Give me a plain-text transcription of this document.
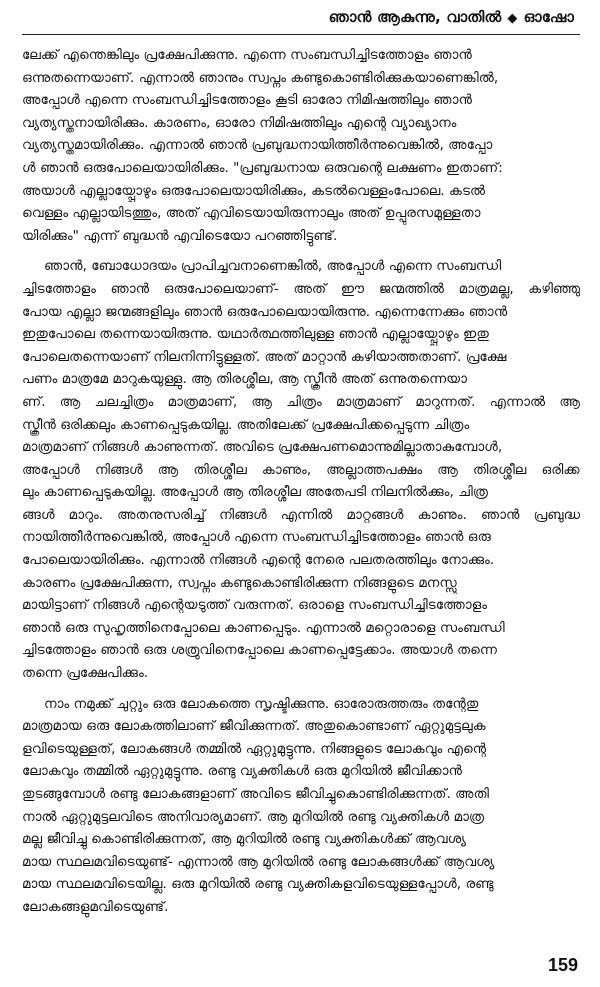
ഞാൻ ആകുന്നു, വാതിൽ ◆ ഓഷോ
ലേക്ക് എന്തെങ്കിലും പ്രക്ഷേപിക്കുന്നു. എന്നെ സംബന്ധിച്ചിടത്തോളം ഞാൻ
ഒന്നുതന്നെയാണ്. എന്നാൽ ഞാനും സ്വപ്നം കണ്ടുകൊണ്ടിരിക്കുകയാണെങ്കിൽ,
അപ്പോൾ എന്നെ സംബന്ധിച്ചിടത്തോളം കൂടി ഓരോ നിമിഷത്തിലും ഞാൻ
വ്യത്യസ്തനായിരിക്കും. കാരണം, ഓരോ നിമിഷത്തിലും എന്റെ വ്യാഖ്യാനം
വ്യത്യസ്തമായിരിക്കും. എന്നാൽ ഞാൻ പ്രബുദ്ധനായിത്തീർന്നുവെങ്കിൽ, അപ്പോ
ൾ ഞാൻ ഒരുപോലെയായിരിക്കും. "പ്രബുദ്ധനായ ഒരുവന്റെ ലക്ഷണം ഇതാണ്:
അയാൾ എല്ലായ്പ്പോഴും ഒരുപോലെയായിരിക്കും, കടൽവെള്ളംപോലെ. കടൽ
വെള്ളം എല്ലായിടത്തും, അത് എവിടെയായിരുന്നാലും അത് ഉപ്പുരസമുള്ളതാ
യിരിക്കും" എന്ന് ബുദ്ധൻ എവിടെയോ പറഞ്ഞിട്ടുണ്ട്.
ഞാൻ, ബോധോദയം പ്രാപിച്ചവനാണെങ്കിൽ, അപ്പോൾ എന്നെ സംബന്ധി
ച്ചിടത്തോളം ഞാൻ ഒരുപോലെയാണ്- അത് ഈ ജന്മത്തിൽ മാത്രമല്ല, കഴിഞ്ഞു
പോയ എല്ലാ ജന്മങ്ങളിലും ഞാൻ ഒരുപോലെയായിരുന്നു. എന്നെന്നേക്കും ഞാൻ
ഇതുപോലെ തന്നെയായിരുന്നു. യഥാർത്ഥത്തിലുള്ള ഞാൻ എല്ലായ്പ്പോഴും ഇതു
പോലെതന്നെയാണ് നിലനിന്നിട്ടുള്ളത്. അത് മാറ്റാൻ കഴിയാത്തതാണ്. പ്രക്ഷേ
പണം മാത്രമേ മാറുകയുള്ളു. ആ തിരശ്ശീല, ആ സ്ക്രീൻ അത് ഒന്നുതന്നെയാ
ണ്. ആ ചലച്ചിത്രം മാത്രമാണ്, ആ ചിത്രം മാത്രമാണ് മാറുന്നത്. എന്നാൽ ആ
സ്ക്രീൻ ഒരിക്കലും കാണപ്പെടുകയില്ല. അതിലേക്ക് പ്രക്ഷേപിക്കപ്പെടുന്ന ചിത്രം
മാത്രമാണ് നിങ്ങൾ കാണുന്നത്. അവിടെ പ്രക്ഷേപണമൊന്നുമില്ലാതാകുമ്പോൾ,
അപ്പോൾ നിങ്ങൾ ആ തിരശ്ശീല കാണും, അല്ലാത്തപക്ഷം ആ തിരശ്ശീല ഒരിക്ക
ലും കാണപ്പെടുകയില്ല. അപ്പോൾ ആ തിരശ്ശീല അതേപടി നിലനിൽക്കും, ചിത്ര
ങ്ങൾ മാറും. അതനുസരിച്ച് നിങ്ങൾ എന്നിൽ മാറ്റങ്ങൾ കാണും. ഞാൻ പ്രബുദ്ധ
നായിത്തീർന്നുവെങ്കിൽ, അപ്പോൾ എന്നെ സംബന്ധിച്ചിടത്തോളം ഞാൻ ഒരു
പോലെയായിരിക്കും. എന്നാൽ നിങ്ങൾ എന്റെ നേരെ പലതരത്തിലും നോക്കും.
കാരണം പ്രക്ഷേപിക്കുന്ന, സ്വപ്നം കണ്ടുകൊണ്ടിരിക്കുന്ന നിങ്ങളുടെ മനസ്സു
മായിട്ടാണ് നിങ്ങൾ എന്റെയടുത്ത് വരുന്നത്. ഒരാളെ സംബന്ധിച്ചിടത്തോളം
ഞാൻ ഒരു സുഹൃത്തിനെപ്പോലെ കാണപ്പെടും. എന്നാൽ മറ്റൊരാളെ സംബന്ധി
ച്ചിടത്തോളം ഞാൻ ഒരു ശത്രുവിനെപ്പോലെ കാണപ്പെട്ടേക്കാം. അയാൾ തന്നെ
തന്നെ പ്രക്ഷേപിക്കും.
നാം നമുക്ക് ചുറ്റും ഒരു ലോകത്തെ സൃഷ്ടിക്കുന്നു. ഓരോരുത്തരും തന്റേതു
മാത്രമായ ഒരു ലോകത്തിലാണ് ജീവിക്കുന്നത്. അതുകൊണ്ടാണ് ഏറ്റുമുട്ടലുക
ളവിടെയുള്ളത്, ലോകങ്ങൾ തമ്മിൽ ഏറ്റുമുട്ടുന്നു. നിങ്ങളുടെ ലോകവും എന്റെ
ലോകവും തമ്മിൽ ഏറ്റുമുട്ടുന്നു. രണ്ടു വ്യക്തികൾ ഒരു മുറിയിൽ ജീവിക്കാൻ
തുടങ്ങുമ്പോൾ രണ്ടു ലോകങ്ങളാണ് അവിടെ ജീവിച്ചുകൊണ്ടിരിക്കുന്നത്. അതി
നാൽ ഏറ്റുമുട്ടലവിടെ അനിവാര്യമാണ്. ആ മുറിയിൽ രണ്ടു വ്യക്തികൾ മാത്ര
മല്ല ജീവിച്ചു കൊണ്ടിരിക്കുന്നത്, ആ മുറിയിൽ രണ്ടു വ്യക്തികൾക്ക് ആവശ്യ
മായ സ്ഥലമവിടെയുണ്ട്- എന്നാൽ ആ മുറിയിൽ രണ്ടു ലോകങ്ങൾക്ക് ആവശ്യ
മായ സ്ഥലമവിടെയില്ല. ഒരു മുറിയിൽ രണ്ടു വ്യക്തികളവിടെയുള്ളപ്പോൾ, രണ്ടു
ലോകങ്ങളുമവിടെയുണ്ട്.
159
